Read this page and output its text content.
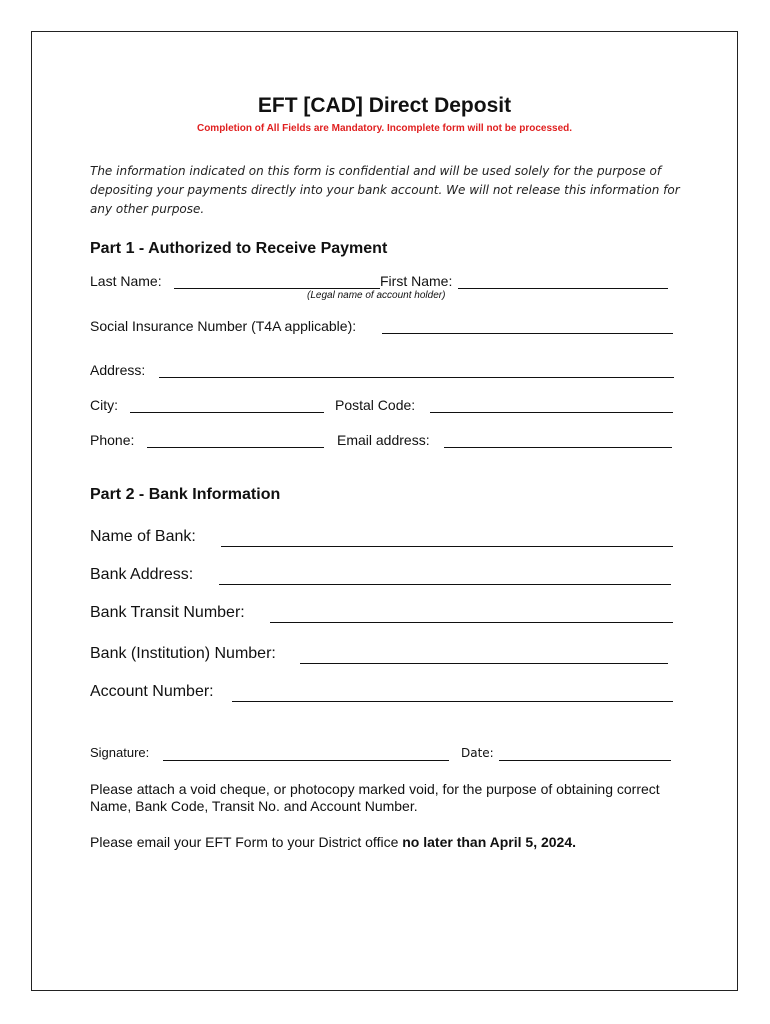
EFT [CAD] Direct Deposit
Completion of All Fields are Mandatory. Incomplete form will not be processed.
The information indicated on this form is confidential and will be used solely for the purpose of depositing your payments directly into your bank account. We will not release this information for any other purpose.
Part 1 - Authorized to Receive Payment
Last Name:	First Name:
(Legal name of account holder)
Social Insurance Number (T4A applicable):
Address:
City:	Postal Code:
Phone:	Email address:
Part 2 - Bank Information
Name of Bank:
Bank Address:
Bank Transit Number:
Bank (Institution) Number:
Account Number:
Signature:	Date:
Please attach a void cheque, or photocopy marked void, for the purpose of obtaining correct Name, Bank Code, Transit No. and Account Number.
Please email your EFT Form to your District office no later than April 5, 2024.
